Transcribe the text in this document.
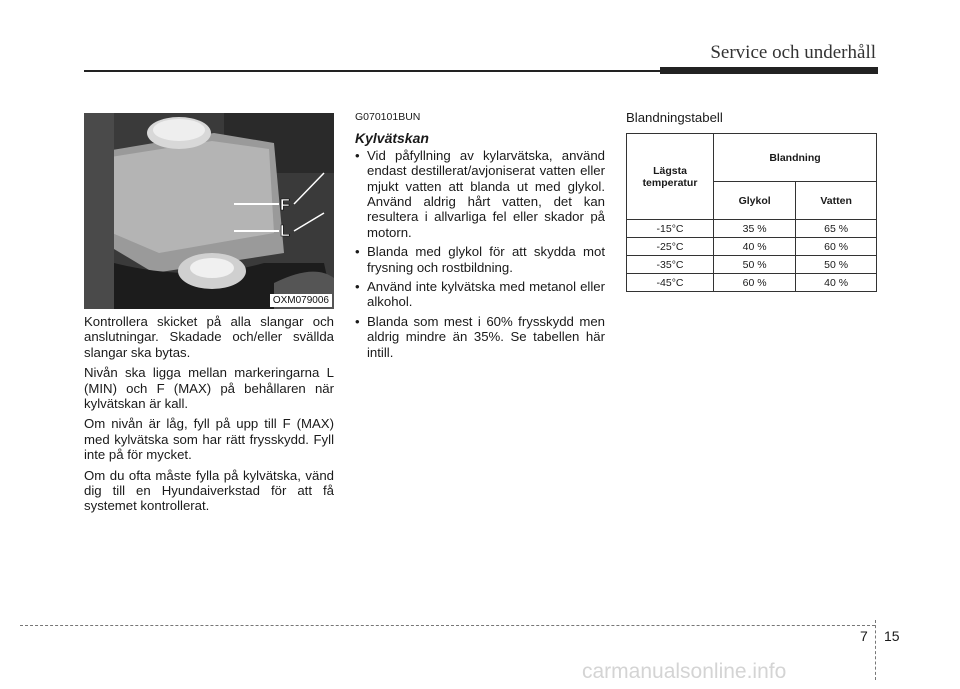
Service och underhåll
F
L
OXM079006

Kontrollera skicket på alla slangar och anslutningar. Skadade och/eller svällda slangar ska bytas.

Nivån ska ligga mellan markeringarna L (MIN) och F (MAX) på behållaren när kylvätskan är kall.

Om nivån är låg, fyll på upp till F (MAX) med kylvätska som har rätt frysskydd. Fyll inte på för mycket.

Om du ofta måste fylla på kylvätska, vänd dig till en Hyundaiverkstad för att få systemet kontrollerat.

G070101BUN
Kylvätskan
• Vid påfyllning av kylarvätska, använd endast destillerat/avjoniserat vatten eller mjukt vatten att blanda ut med glykol. Använd aldrig hårt vatten, det kan resultera i allvarliga fel eller skador på motorn.
• Blanda med glykol för att skydda mot frysning och rostbildning.
• Använd inte kylvätska med metanol eller alkohol.
• Blanda som mest i 60% frysskydd men aldrig mindre än 35%. Se tabellen här intill.
Blandningstabell
Lägsta temperatur	Blandning	
	Glykol	Vatten
-15°C	35 %	65 %
-25°C	40 %	60 %
-35°C	50 %	50 %
-45°C	60 %	40 %
7 15
carmanualsonline.info
